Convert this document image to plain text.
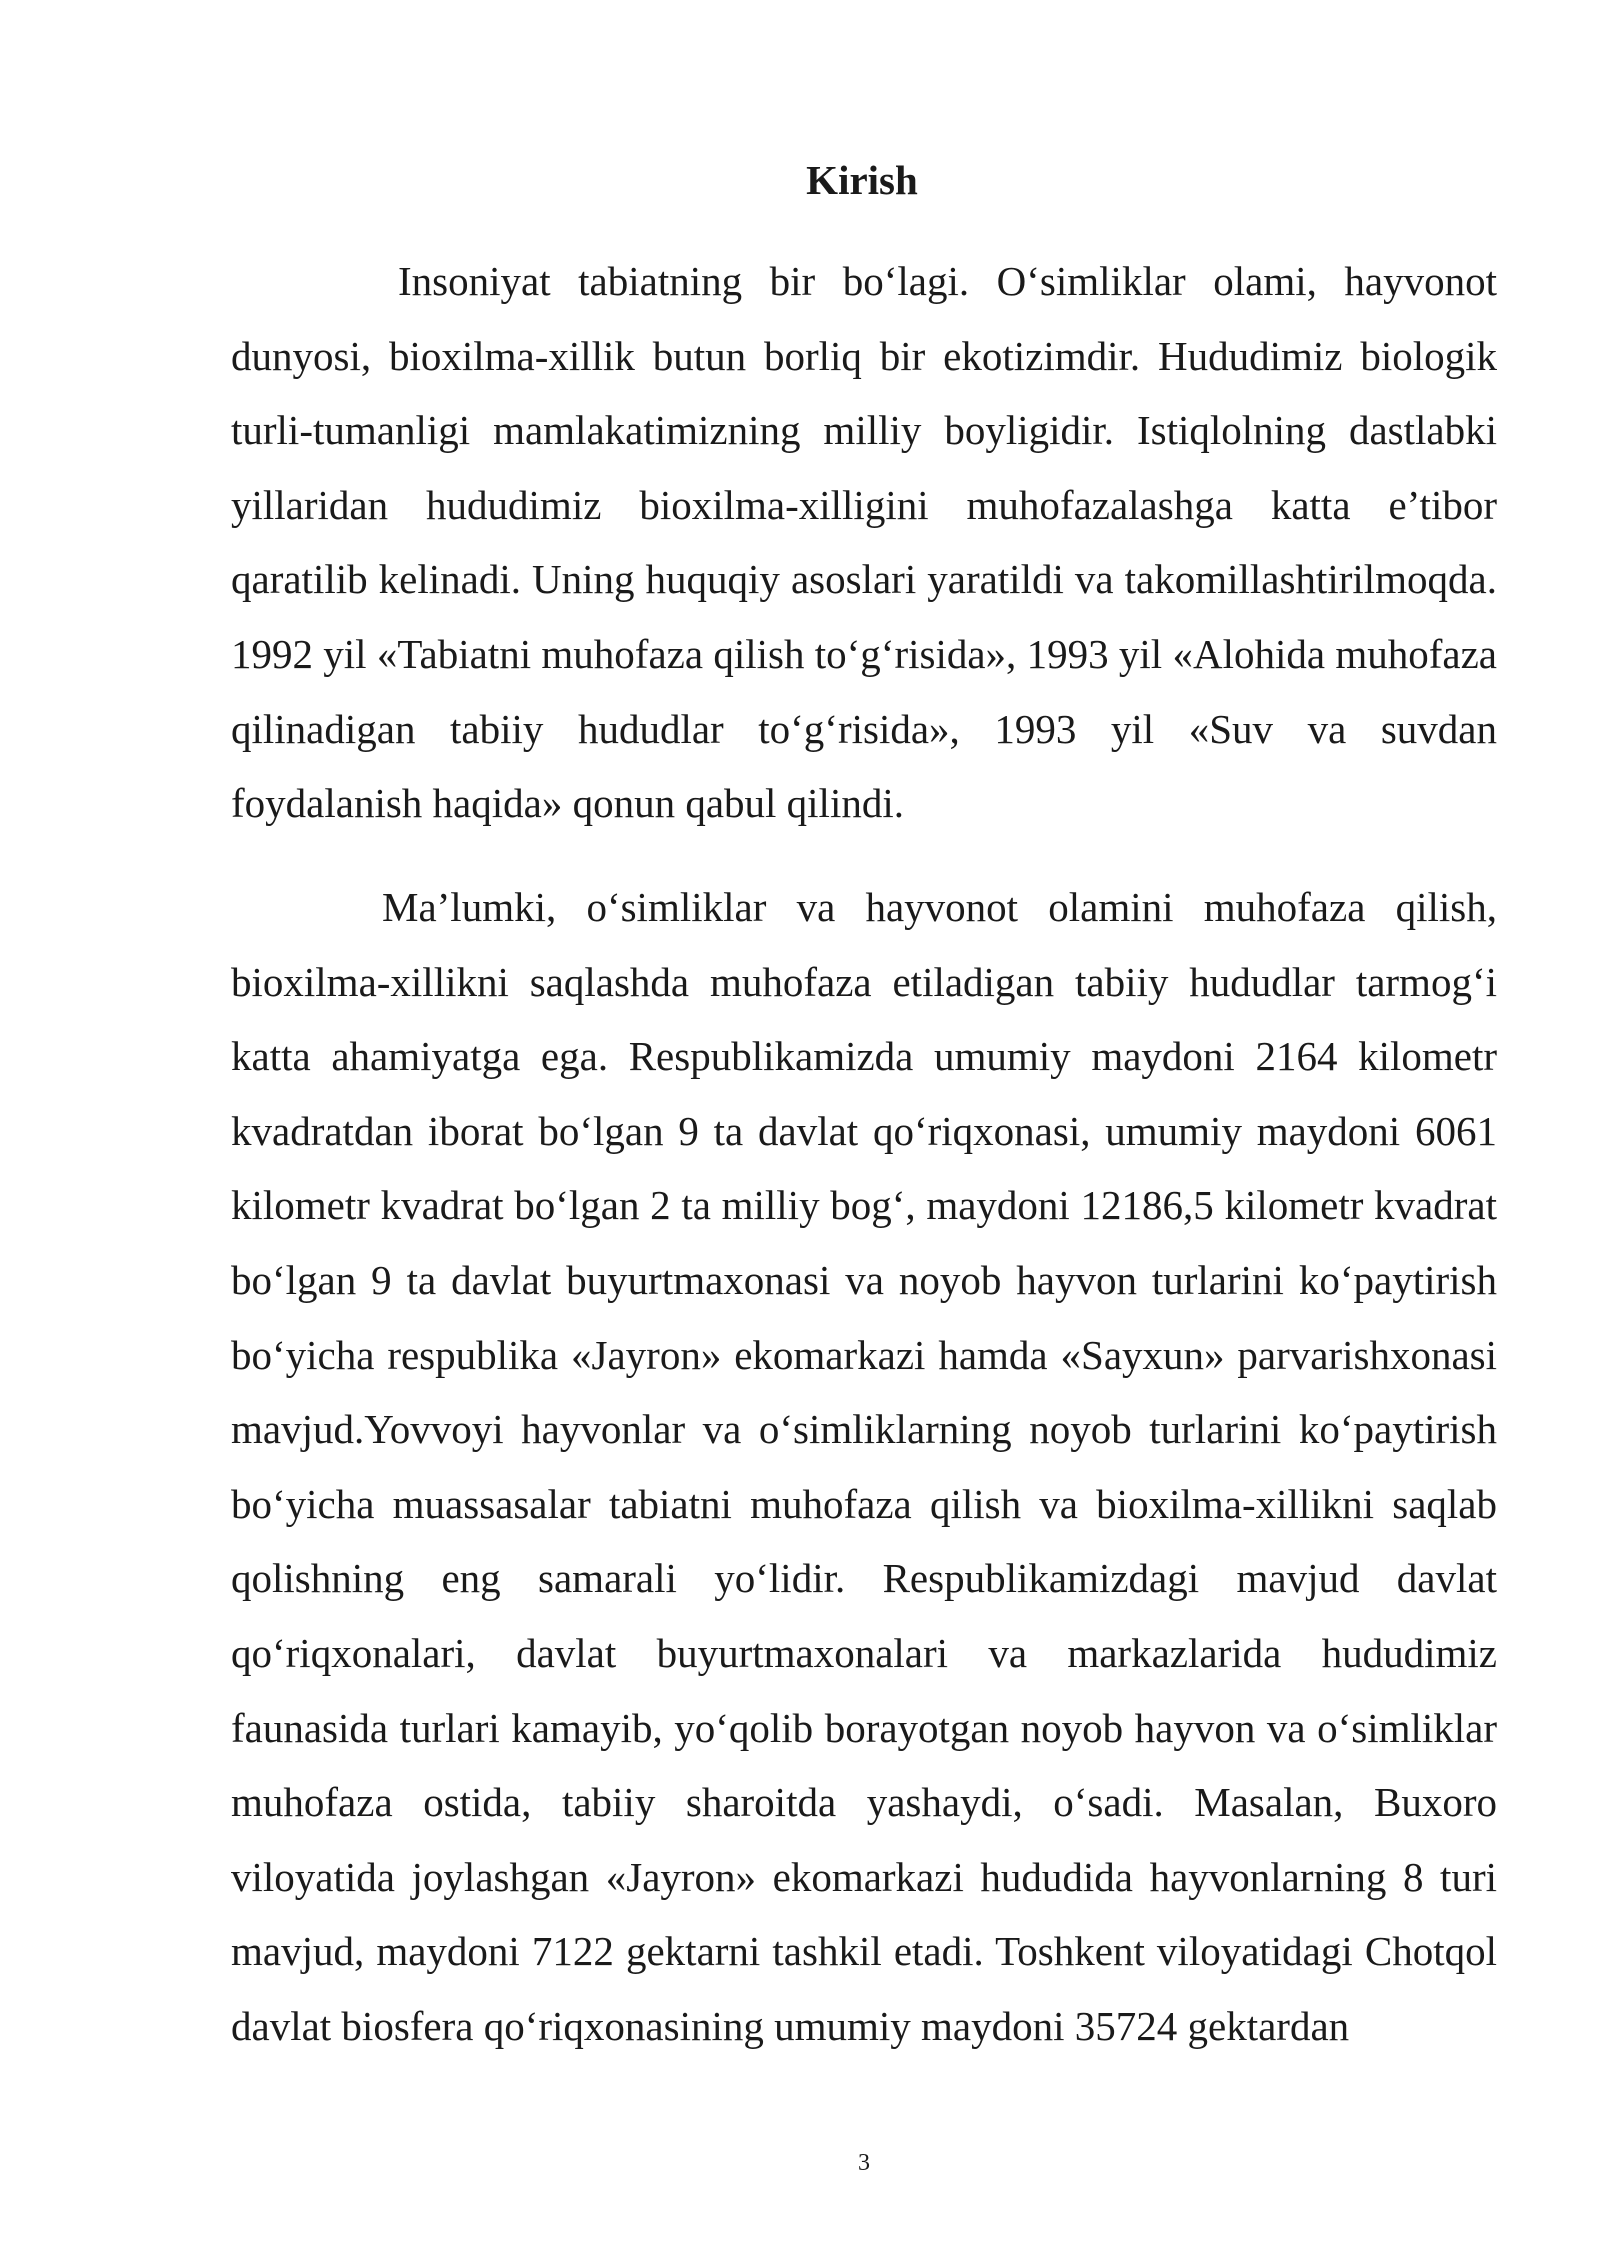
Kirish

Insoniyat tabiatning bir bo‘lagi. O‘simliklar olami, hayvonot dunyosi, bioxilma-xillik butun borliq bir ekotizimdir. Hududimiz biologik turli-tumanligi mamlakatimizning milliy boyligidir. Istiqlolning dastlabki yillaridan hududimiz bioxilma-xilligini muhofazalashga katta e’tibor qaratilib kelinadi. Uning huquqiy asoslari yaratildi va takomillashtirilmoqda. 1992 yil «Tabiatni muhofaza qilish to‘g‘risida», 1993 yil «Alohida muhofaza qilinadigan tabiiy hududlar to‘g‘risida», 1993 yil «Suv va suvdan foydalanish haqida» qonun qabul qilindi.

Ma’lumki, o‘simliklar va hayvonot olamini muhofaza qilish, bioxilma-xillikni saqlashda muhofaza etiladigan tabiiy hududlar tarmog‘i katta ahamiyatga ega. Respublikamizda umumiy maydoni 2164 kilometr kvadratdan iborat bo‘lgan 9 ta davlat qo‘riqxonasi, umumiy maydoni 6061 kilometr kvadrat bo‘lgan 2 ta milliy bog‘, maydoni 12186,5 kilometr kvadrat bo‘lgan 9 ta davlat buyurtmaxonasi va noyob hayvon turlarini ko‘paytirish bo‘yicha respublika «Jayron» ekomarkazi hamda «Sayxun» parvarishxonasi mavjud.Yovvoyi hayvonlar va o‘simliklarning noyob turlarini ko‘paytirish bo‘yicha muassasalar tabiatni muhofaza qilish va bioxilma-xillikni saqlab qolishning eng samarali yo‘lidir. Respublikamizdagi mavjud davlat qo‘riqxonalari, davlat buyurtmaxonalari va markazlarida hududimiz faunasida turlari kamayib, yo‘qolib borayotgan noyob hayvon va o‘simliklar muhofaza ostida, tabiiy sharoitda yashaydi, o‘sadi. Masalan, Buxoro viloyatida joylashgan «Jayron» ekomarkazi hududida hayvonlarning 8 turi mavjud, maydoni 7122 gektarni tashkil etadi. Toshkent viloyatidagi Chotqol davlat biosfera qo‘riqxonasining umumiy maydoni 35724 gektardan

3
